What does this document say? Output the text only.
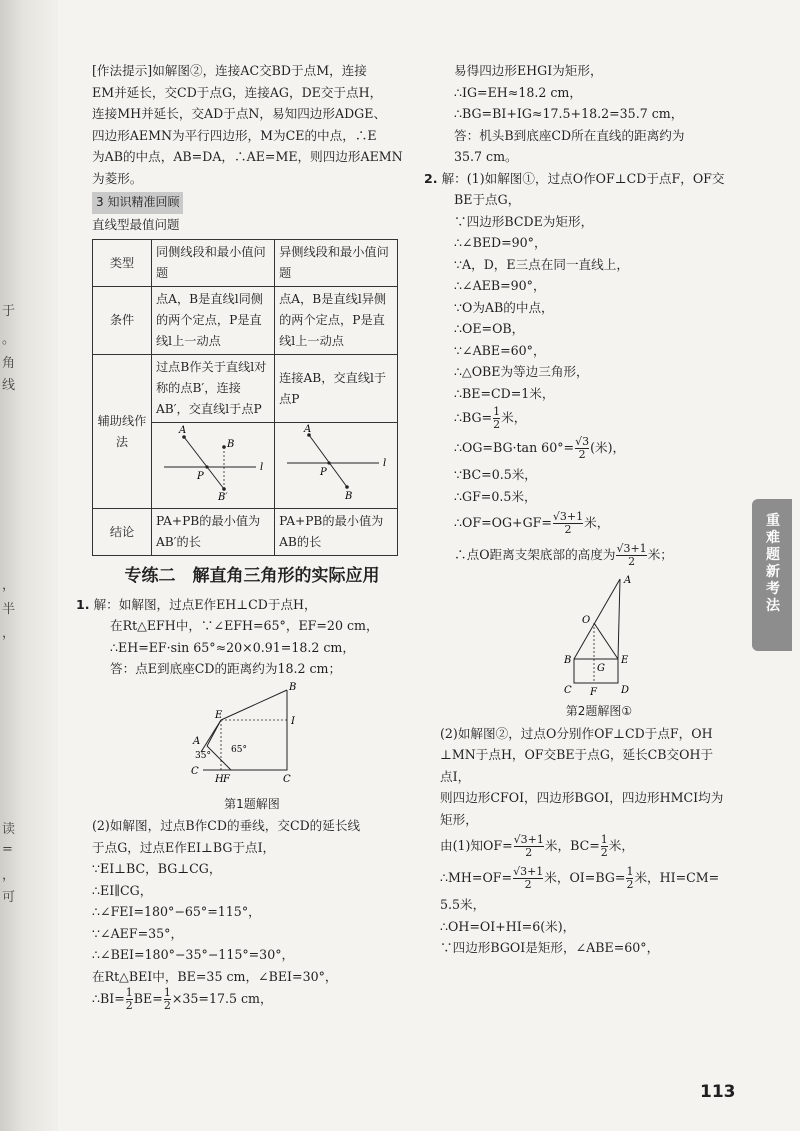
于
。
角
线
，
半
，
读
=
，
可
[作法提示]如解图②，连接AC交BD于点M，连接
EM并延长，交CD于点G，连接AG，DE交于点H，
连接MH并延长，交AD于点N，易知四边形ADGE、
四边形AEMN为平行四边形，M为CE的中点，∴E
为AB的中点，AB=DA，∴AE=ME，则四边形AEMN
为菱形。
3 知识精准回顾
直线型最值问题
类型	同侧线段和最小值问题	异侧线段和最小值问题
条件	点A，B是直线l同侧的两个定点，P是直线l上一动点	点A，B是直线l异侧的两个定点，P是直线l上一动点
辅助线作法	过点B作关于直线l对称的点B′，连接AB′，交直线l于点P	连接AB，交直线l于点P

A
B
P
B′
l	A
P
B
l

结论	PA+PB的最小值为AB′的长	PA+PB的最小值为AB的长
专练二　解直角三角形的实际应用
1. 解：如解图，过点E作EH⊥CD于点H，
在Rt△EFH中，∵∠EFH=65°，EF=20 cm，
∴EH=EF·sin 65°≈20×0.91=18.2 cm，
答：点E到底座CD的距离约为18.2 cm；
B
E
I
A
C
F
H	C
35°
65°
第1题解图
(2)如解图，过点B作CD的垂线，交CD的延长线
于点G，过点E作EI⊥BG于点I，
∵EI⊥BC，BG⊥CG，
∴EI∥CG，
∴∠FEI=180°−65°=115°，
∵∠AEF=35°，
∴∠BEI=180°−35°−115°=30°，
在Rt△BEI中，BE=35 cm，∠BEI=30°，
∴BI= $\frac{1}{2} BE= \frac{1}{2} \times 35=17.5$ cm，
易得四边形EHGI为矩形，
∴IG=EH≈18.2 cm，
∴BG=BI+IG≈17.5+18.2=35.7 cm，
答：机头B到底座CD所在直线的距离约为
35.7 cm。
2. 解：(1)如解图①，过点O作OF⊥CD于点F，OF交
BE于点G，
∵四边形BCDE为矩形，
∴∠BED=90°，
∵A，D，E三点在同一直线上，
∴∠AEB=90°，
∵O为AB的中点，
∴OE=OB，
∵∠ABE=60°，
∴△OBE为等边三角形，
∴BE=CD=1米，
∴BG= $\frac{1}{2}$ 米，
∴OG=BG·tan $60^\circ= \frac{√3}{2}$ (米)，
∵BC=0.5米，
∴GF=0.5米，
∴OF=OG+GF= $\frac{√3+1}{2}$ 米，
∴点O距离支架底部的高度为 $\frac{√3+1}{2}$ 米；
A
O
B
G
E
C F D
第2题解图①
(2)如解图②，过点O分别作OF⊥CD于点F，OH
⊥MN于点H，OF交BE于点G，延长CB交OH于
点I，
则四边形CFOI，四边形BGOI，四边形HMCI均为
矩形，
由(1)知$OF= \frac{√3+1}{2}$ 米，$BC= \frac{1}{2}$ 米，
∴MH=OF= $\frac{√3+1}{2}$ 米，$OI=BG= \frac{1}{2}$ 米，HI=CM=
5.5米，
∴OH=OI+HI=6(米)，
∵四边形BGOI是矩形，∠ABE=60°，
重难题新考法
113
